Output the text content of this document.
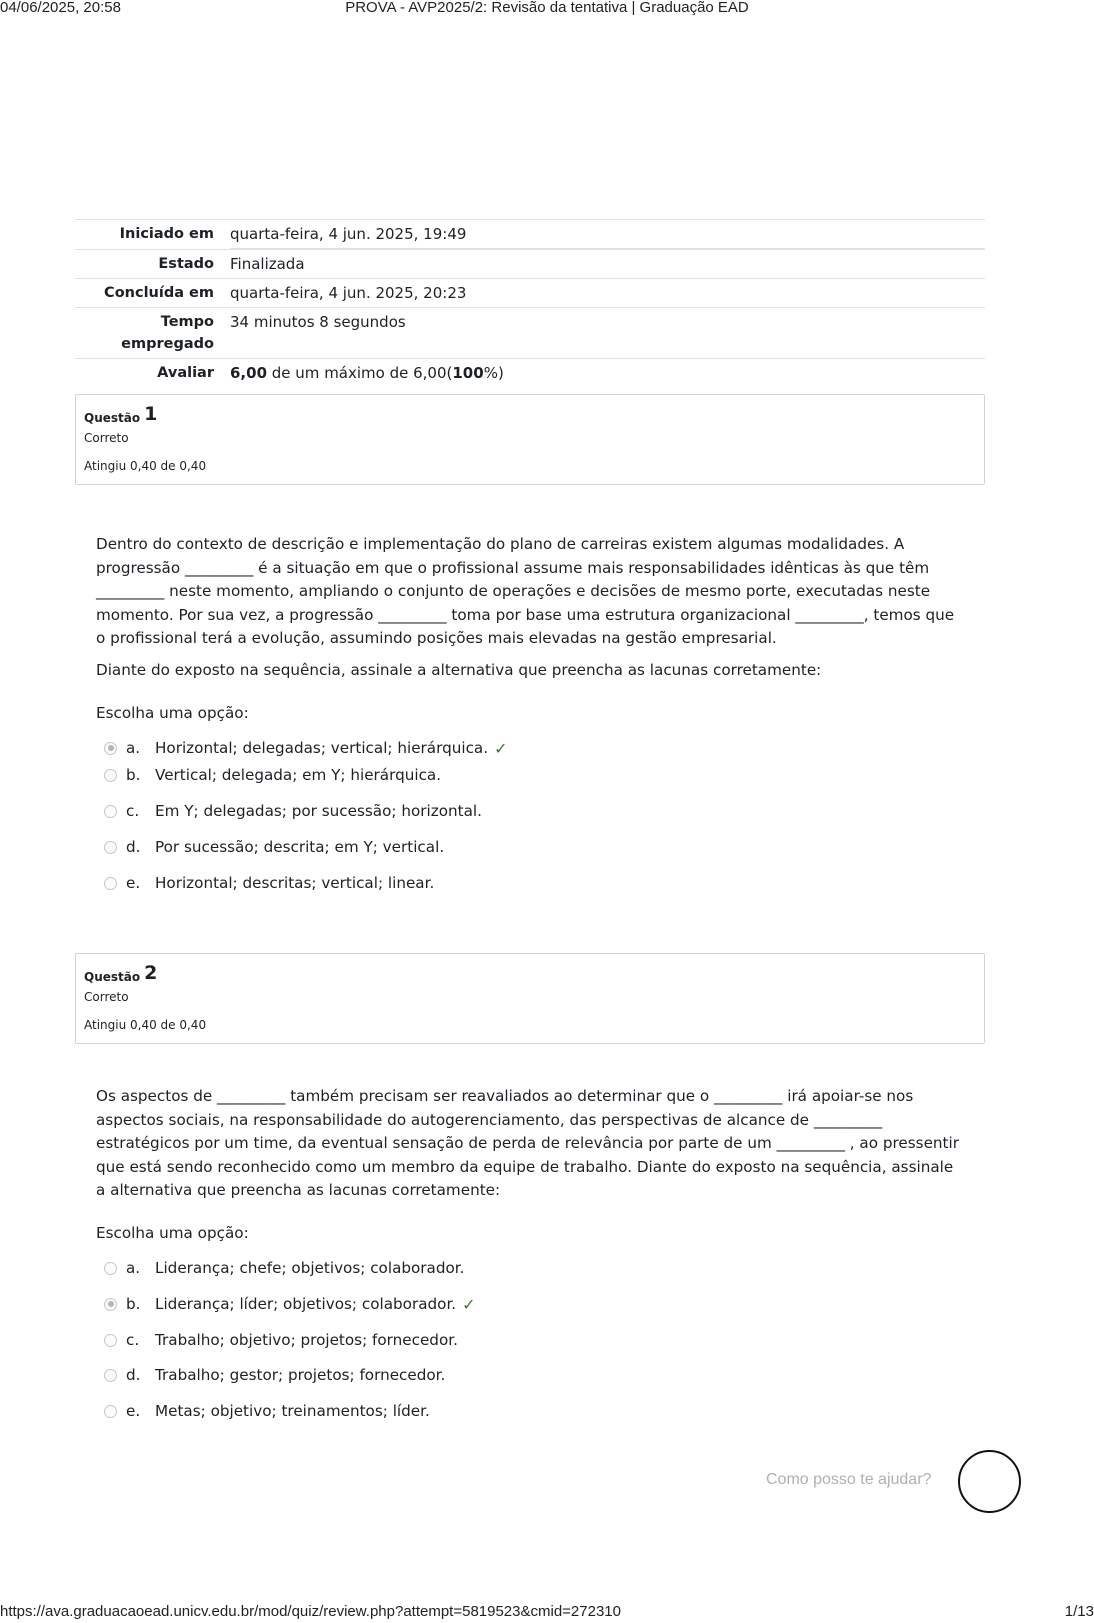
04/06/2025, 20:58	PROVA - AVP2025/2: Revisão da tentativa | Graduação EAD
Iniciado em	quarta-feira, 4 jun. 2025, 19:49
Estado	Finalizada
Concluída em	quarta-feira, 4 jun. 2025, 20:23
Tempo
empregado	34 minutos 8 segundos
Avaliar	6,00 de um máximo de 6,00(100%)
Questão 1
Correto
Atingiu 0,40 de 0,40

Dentro do contexto de descrição e implementação do plano de carreiras existem algumas modalidades. A progressão _________ é a situação em que o profissional assume mais responsabilidades idênticas às que têm _________ neste momento, ampliando o conjunto de operações e decisões de mesmo porte, executadas neste momento. Por sua vez, a progressão _________ toma por base uma estrutura organizacional _________, temos que o profissional terá a evolução, assumindo posições mais elevadas na gestão empresarial.

Diante do exposto na sequência, assinale a alternativa que preencha as lacunas corretamente:

Escolha uma opção:
a. Horizontal; delegadas; vertical; hierárquica. ✓
b. Vertical; delegada; em Y; hierárquica.
c.	Em Y; delegadas; por sucessão; horizontal.
d. Por sucessão; descrita; em Y; vertical.
e. Horizontal; descritas; vertical; linear.
Questão 2
Correto
Atingiu 0,40 de 0,40

Os aspectos de _________ também precisam ser reavaliados ao determinar que o _________ irá apoiar-se nos aspectos sociais, na responsabilidade do autogerenciamento, das perspectivas de alcance de _________ estratégicos por um time, da eventual sensação de perda de relevância por parte de um _________ , ao pressentir que está sendo reconhecido como um membro da equipe de trabalho. Diante do exposto na sequência, assinale a alternativa que preencha as lacunas corretamente:

Escolha uma opção:
a. Liderança; chefe; objetivos; colaborador.
b. Liderança; líder; objetivos; colaborador. ✓
c.	Trabalho; objetivo; projetos; fornecedor.
d. Trabalho; gestor; projetos; fornecedor.
e. Metas; objetivo; treinamentos; líder.
Como posso te ajudar?
https://ava.graduacaoead.unicv.edu.br/mod/quiz/review.php?attempt=5819523&cmid=272310	1/13
